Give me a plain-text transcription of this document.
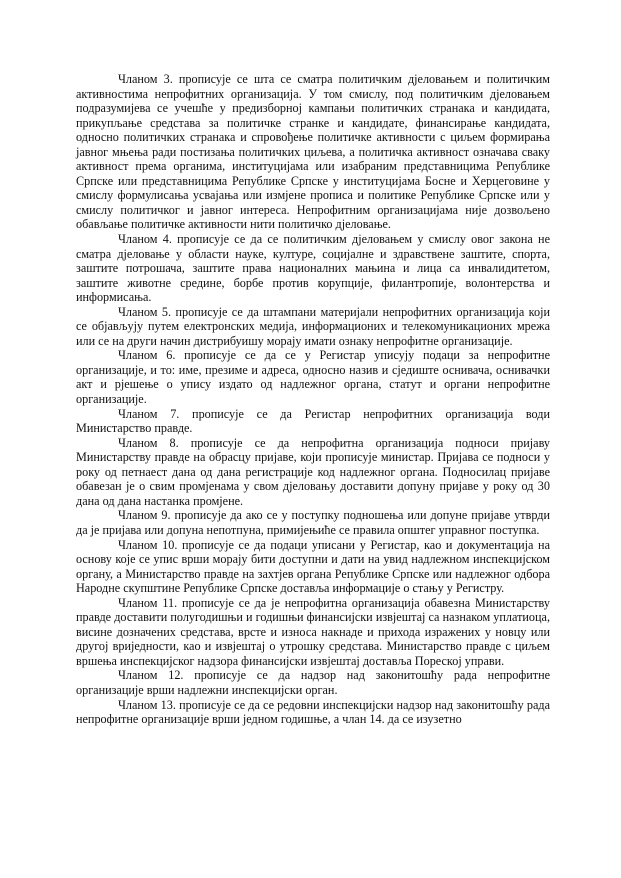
Чланом 3. прописује се шта се сматра политичким дјеловањем и политичким активностима непрофитних организација. У том смислу, под политичким дјеловањем подразумијева се учешће у предизборној кампањи политичких странака и кандидата, прикупљање средстава за политичке странке и кандидате, финансирање кандидата, односно политичких странака и спровођење политичке активности с циљем формирања јавног мњења ради постизања политичких циљева, а политичка активност означава сваку активност према органима, институцијама или изабраним представницима Републике Српске или представницима Републике Српске у институцијама Босне и Херцеговине у смислу формулисања усвајања или измјене прописа и политике Републике Српске или у смислу политичког и јавног интереса. Непрофитним организацијама није дозвољено обављање политичке активности нити политичко дјеловање.

Чланом 4. прописује се да се политичким дјеловањем у смислу овог закона не сматра дјеловање у области науке, културе, социјалне и здравствене заштите, спорта, заштите потрошача, заштите права националних мањина и лица са инвалидитетом, заштите животне средине, борбе против корупције, филантропије, волонтерства и информисања.

Чланом 5. прописује се да штампани материјали непрофитних организација који се објављују путем електронских медија, информационих и телекомуникационих мрежа или се на други начин дистрибуишу морају имати ознаку непрофитне организације.

Чланом 6. прописује се да се у Регистар уписују подаци за непрофитне организације, и то: име, презиме и адреса, односно назив и сједиште оснивача, оснивачки акт и рјешење о упису издато од надлежног органа, статут и органи непрофитне организације.

Чланом 7. прописује се да Регистар непрофитних организација води Министарство правде.

Чланом 8. прописује се да непрофитна организација подноси пријаву Министарству правде на обрасцу пријаве, који прописује министар. Пријава се подноси у року од петнаест дана од дана регистрације код надлежног органа. Подносилац пријаве обавезан је о свим промјенама у свом дјеловању доставити допуну пријаве у року од 30 дана од дана настанка промјене.

Чланом 9. прописује да ако се у поступку подношења или допуне пријаве утврди да је пријава или допуна непотпуна, примијењиће се правила општег управног поступка.

Чланом 10. прописује се да подаци уписани у Регистар, као и документација на основу које се упис врши морају бити доступни и дати на увид надлежном инспекцијском органу, а Министарство правде на захтјев органа Републике Српске или надлежног одбора Народне скупштине Републике Српске доставља информације о стању у Регистру.

Чланом 11. прописује се да је непрофитна организација обавезна Министарству правде доставити полугодишњи и годишњи финансијски извјештај са назнаком уплатиоца, висине дозначених средстава, врсте и износа накнаде и прихода изражених у новцу или другој вриједности, као и извјештај о утрошку средстава. Министарство правде с циљем вршења инспекцијског надзора финансијски извјештај доставља Пореској управи.

Чланом 12. прописује се да надзор над законитошћу рада непрофитне организације врши надлежни инспекцијски орган.

Чланом 13. прописује се да се редовни инспекцијски надзор над законитошћу рада непрофитне организације врши једном годишње, а члан 14. да се изузетно
